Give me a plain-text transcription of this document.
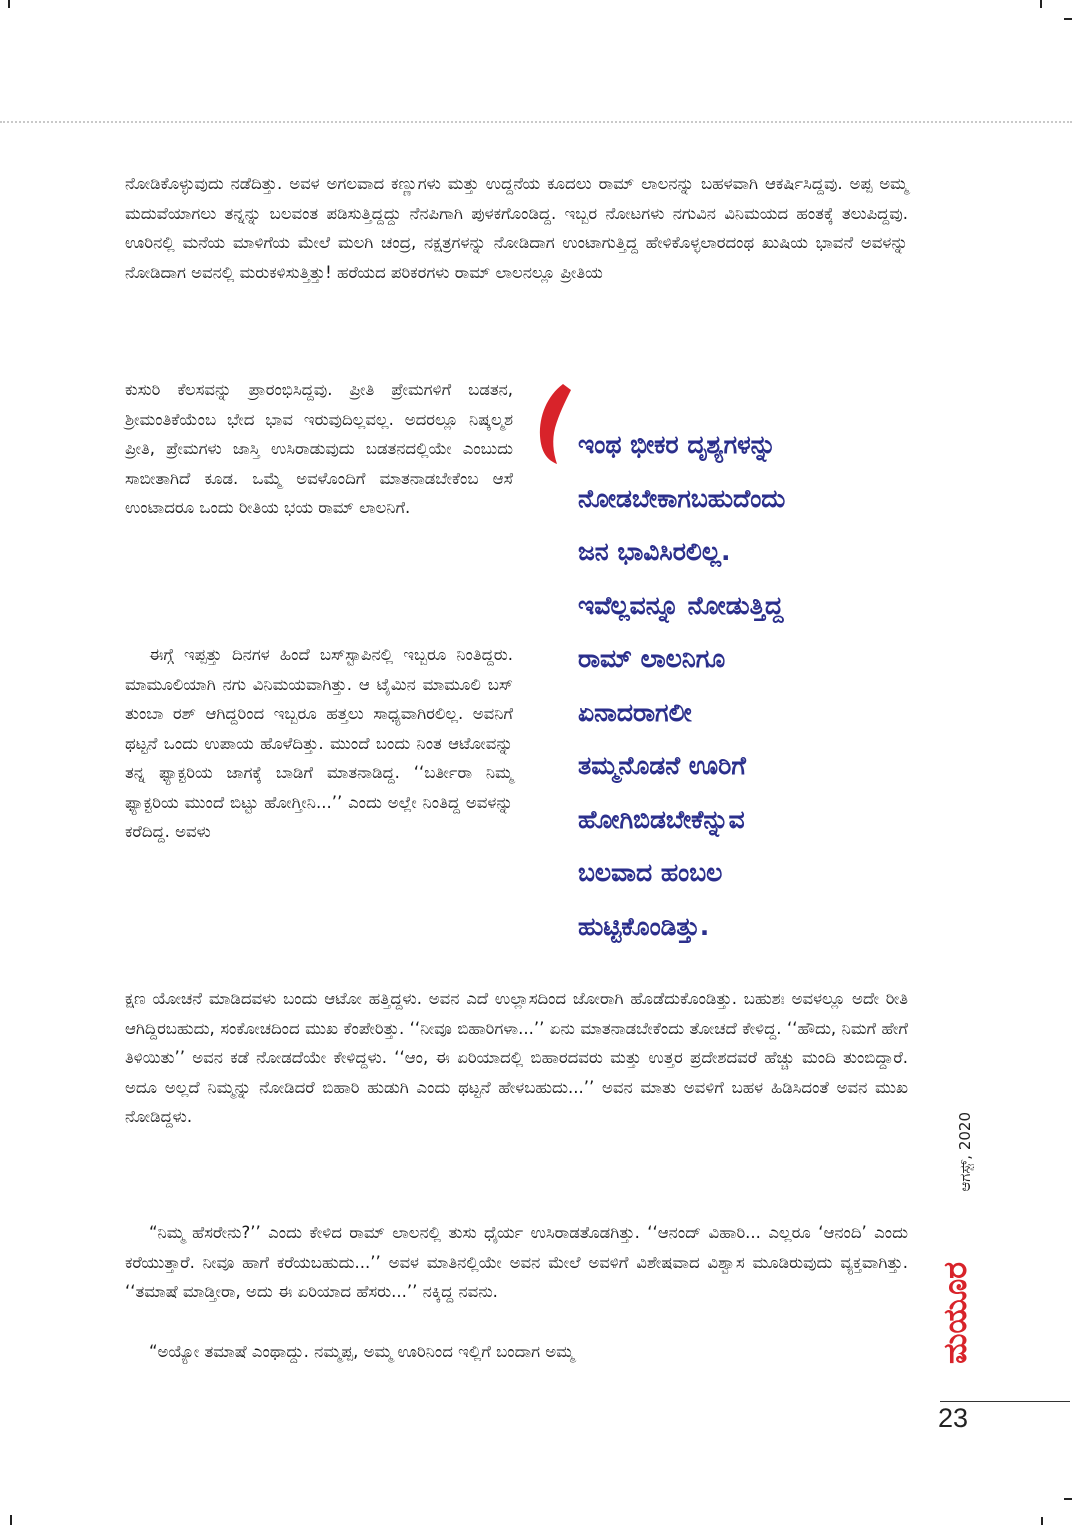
ನೋಡಿಕೊಳ್ಳುವುದು ನಡೆದಿತ್ತು. ಅವಳ ಅಗಲವಾದ ಕಣ್ಣುಗಳು ಮತ್ತು ಉದ್ದನೆಯ ಕೂದಲು ರಾಮ್ ಲಾಲನನ್ನು ಬಹಳವಾಗಿ ಆಕರ್ಷಿಸಿದ್ದವು. ಅಪ್ಪ ಅಮ್ಮ ಮದುವೆಯಾಗಲು ತನ್ನನ್ನು ಬಲವಂತ ಪಡಿಸುತ್ತಿದ್ದದ್ದು ನೆನಪಿಗಾಗಿ ಪುಳಕಗೊಂಡಿದ್ದ. ಇಬ್ಬರ ನೋಟಗಳು ನಗುವಿನ ವಿನಿಮಯದ ಹಂತಕ್ಕೆ ತಲುಪಿದ್ದವು. ಊರಿನಲ್ಲಿ ಮನೆಯ ಮಾಳಿಗೆಯ ಮೇಲೆ ಮಲಗಿ ಚಂದ್ರ, ನಕ್ಷತ್ರಗಳನ್ನು ನೋಡಿದಾಗ ಉಂಟಾಗುತ್ತಿದ್ದ ಹೇಳಿಕೊಳ್ಳಲಾರದಂಥ ಖುಷಿಯ ಭಾವನೆ ಅವಳನ್ನು ನೋಡಿದಾಗ ಅವನಲ್ಲಿ ಮರುಕಳಿಸುತ್ತಿತ್ತು! ಹರೆಯದ ಪರಿಕರಗಳು ರಾಮ್ ಲಾಲನಲ್ಲೂ ಪ್ರೀತಿಯ

ಕುಸುರಿ ಕೆಲಸವನ್ನು ಪ್ರಾರಂಭಿಸಿದ್ದವು. ಪ್ರೀತಿ ಪ್ರೇಮಗಳಿಗೆ ಬಡತನ, ಶ್ರೀಮಂತಿಕೆಯೆಂಬ ಭೇದ ಭಾವ ಇರುವುದಿಲ್ಲವಲ್ಲ. ಅದರಲ್ಲೂ ನಿಷ್ಕಲ್ಮಶ ಪ್ರೀತಿ, ಪ್ರೇಮಗಳು ಜಾಸ್ತಿ ಉಸಿರಾಡುವುದು ಬಡತನದಲ್ಲಿಯೇ ಎಂಬುದು ಸಾಬೀತಾಗಿದೆ ಕೂಡ. ಒಮ್ಮೆ ಅವಳೊಂದಿಗೆ ಮಾತನಾಡಬೇಕೆಂಬ ಆಸೆ ಉಂಟಾದರೂ ಒಂದು ರೀತಿಯ ಭಯ ರಾಮ್ ಲಾಲನಿಗೆ.

ಈಗ್ಗೆ ಇಪ್ಪತ್ತು ದಿನಗಳ ಹಿಂದೆ ಬಸ್‌ಸ್ಟಾಪಿನಲ್ಲಿ ಇಬ್ಬರೂ ನಿಂತಿದ್ದರು. ಮಾಮೂಲಿಯಾಗಿ ನಗು ವಿನಿಮಯವಾಗಿತ್ತು. ಆ ಟೈಮಿನ ಮಾಮೂಲಿ ಬಸ್ ತುಂಬಾ ರಶ್ ಆಗಿದ್ದರಿಂದ ಇಬ್ಬರೂ ಹತ್ತಲು ಸಾಧ್ಯವಾಗಿರಲಿಲ್ಲ. ಅವನಿಗೆ ಥಟ್ಟನೆ ಒಂದು ಉಪಾಯ ಹೊಳೆದಿತ್ತು. ಮುಂದೆ ಬಂದು ನಿಂತ ಆಟೋವನ್ನು ತನ್ನ ಫ್ಯಾಕ್ಟರಿಯ ಜಾಗಕ್ಕೆ ಬಾಡಿಗೆ ಮಾತನಾಡಿದ್ದ. ‘‘ಬರ್ತೀರಾ ನಿಮ್ಮ ಫ್ಯಾಕ್ಟರಿಯ ಮುಂದೆ ಬಿಟ್ಟು ಹೋಗ್ತೀನಿ...’’ ಎಂದು ಅಲ್ಲೇ ನಿಂತಿದ್ದ ಅವಳನ್ನು ಕರೆದಿದ್ದ. ಅವಳು

ಕ್ಷಣ ಯೋಚನೆ ಮಾಡಿದವಳು ಬಂದು ಆಟೋ ಹತ್ತಿದ್ದಳು. ಅವನ ಎದೆ ಉಲ್ಲಾಸದಿಂದ ಜೋರಾಗಿ ಹೊಡೆದುಕೊಂಡಿತ್ತು. ಬಹುಶಃ ಅವಳಲ್ಲೂ ಅದೇ ರೀತಿ ಆಗಿದ್ದಿರಬಹುದು, ಸಂಕೋಚದಿಂದ ಮುಖ ಕೆಂಪೇರಿತ್ತು. ‘‘ನೀವೂ ಬಿಹಾರಿಗಳಾ...’’ ಏನು ಮಾತನಾಡಬೇಕೆಂದು ತೋಚದೆ ಕೇಳಿದ್ದ. ‘‘ಹೌದು, ನಿಮಗೆ ಹೇಗೆ ತಿಳಿಯಿತು’’ ಅವನ ಕಡೆ ನೋಡದೆಯೇ ಕೇಳಿದ್ದಳು. ‘‘ಆಂ, ಈ ಏರಿಯಾದಲ್ಲಿ ಬಿಹಾರದವರು ಮತ್ತು ಉತ್ತರ ಪ್ರದೇಶದವರೆ ಹೆಚ್ಚು ಮಂದಿ ತುಂಬಿದ್ದಾರೆ. ಅದೂ ಅಲ್ಲದೆ ನಿಮ್ಮನ್ನು ನೋಡಿದರೆ ಬಿಹಾರಿ ಹುಡುಗಿ ಎಂದು ಥಟ್ಟನೆ ಹೇಳಬಹುದು...’’ ಅವನ ಮಾತು ಅವಳಿಗೆ ಬಹಳ ಹಿಡಿಸಿದಂತೆ ಅವನ ಮುಖ ನೋಡಿದ್ದಳು.

“ನಿಮ್ಮ ಹೆಸರೇನು?’’ ಎಂದು ಕೇಳಿದ ರಾಮ್ ಲಾಲನಲ್ಲಿ ತುಸು ಧೈರ್ಯ ಉಸಿರಾಡತೊಡಗಿತ್ತು. ‘‘ಆನಂದ್ ವಿಹಾರಿ... ಎಲ್ಲರೂ ‘ಆನಂದಿ’ ಎಂದು ಕರೆಯುತ್ತಾರೆ. ನೀವೂ ಹಾಗೆ ಕರೆಯಬಹುದು...’’ ಅವಳ ಮಾತಿನಲ್ಲಿಯೇ ಅವನ ಮೇಲೆ ಅವಳಿಗೆ ವಿಶೇಷವಾದ ವಿಶ್ವಾಸ ಮೂಡಿರುವುದು ವ್ಯಕ್ತವಾಗಿತ್ತು. ‘‘ತಮಾಷೆ ಮಾಡ್ತೀರಾ, ಅದು ಈ ಏರಿಯಾದ ಹೆಸರು...’’ ನಕ್ಕಿದ್ದ ನವನು.

“ಅಯ್ಯೋ ತಮಾಷೆ ಎಂಥಾದ್ದು. ನಮ್ಮಪ್ಪ, ಅಮ್ಮ ಊರಿನಿಂದ ಇಲ್ಲಿಗೆ ಬಂದಾಗ ಅಮ್ಮ

ಇಂಥ ಭೀಕರ ದೃಶ್ಯಗಳನ್ನು
ನೋಡಬೇಕಾಗಬಹುದೆಂದು
ಜನ ಭಾವಿಸಿರಲಿಲ್ಲ.
ಇವೆಲ್ಲವನ್ನೂ ನೋಡುತ್ತಿದ್ದ
ರಾಮ್ ಲಾಲನಿಗೂ
ಏನಾದರಾಗಲೀ
ತಮ್ಮನೊಡನೆ ಊರಿಗೆ
ಹೋಗಿಬಿಡಬೇಕೆನ್ನುವ
ಬಲವಾದ ಹಂಬಲ
ಹುಟ್ಟಿಕೊಂಡಿತ್ತು.
ಆಗಸ್ಟ್, 2020
ಮಯೂರ
23
